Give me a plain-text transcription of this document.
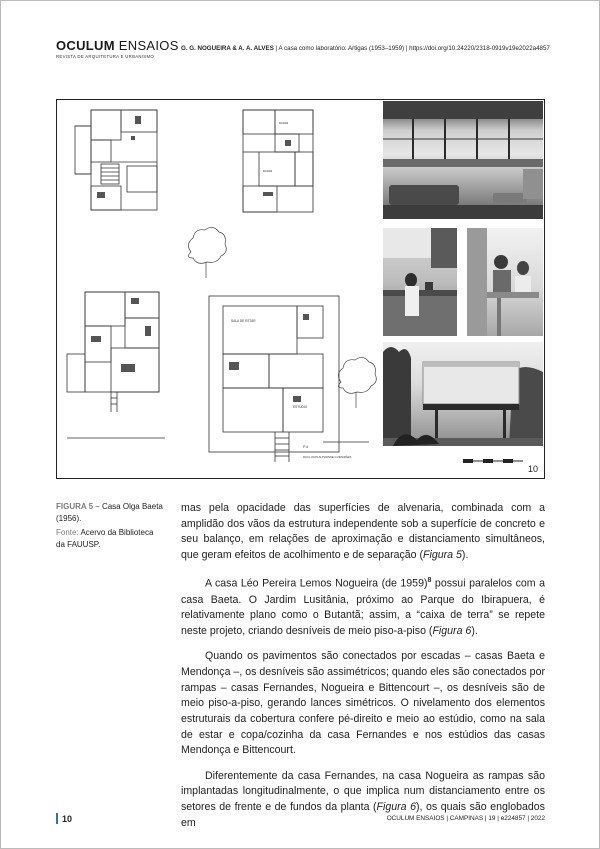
OCULUM ENSAIOS
REVISTA DE ARQUITETURA E URBANISMO
G. G. NOGUEIRA & A. A. ALVES | A casa como laboratório: Artigas (1953–1959) | https://doi.org/10.24220/2318-0919v19e2022a4857
DORM
DORM
SALA DE ESTAR
ESTÚDIO
P.4
RUA LOUIS ALPHONSE GUIMARÃES
10
FIGURA 5 – Casa Olga Baeta (1956).
Fonte: Acervo da Biblioteca da FAUUSP.

mas pela opacidade das superfícies de alvenaria, combinada com a amplidão dos vãos da estrutura independente sob a superfície de concreto e seu balanço, em relações de aproximação e distanciamento simultâneos, que geram efeitos de acolhimento e de separação (Figura 5).

A casa Léo Pereira Lemos Nogueira (de 1959)$^8$ possui paralelos com a casa Baeta. O Jardim Lusitânia, próximo ao Parque do Ibirapuera, é relativamente plano como o Butantã; assim, a “caixa de terra” se repete neste projeto, criando desníveis de meio piso-a-piso (Figura 6).

Quando os pavimentos são conectados por escadas – casas Baeta e Mendonça –, os desníveis são assimétricos; quando eles são conectados por rampas – casas Fernandes, Nogueira e Bittencourt –, os desníveis são de meio piso-a-piso, gerando lances simétricos. O nivelamento dos elementos estruturais da cobertura confere pé-direito e meio ao estúdio, como na sala de estar e copa/cozinha da casa Fernandes e nos estúdios das casas Mendonça e Bittencourt.

Diferentemente da casa Fernandes, na casa Nogueira as rampas são implantadas longitudinalmente, o que implica num distanciamento entre os setores de frente e de fundos da planta (Figura 6), os quais são englobados em

10	OCULUM ENSAIOS | CAMPINAS | 19 | e224857 | 2022
